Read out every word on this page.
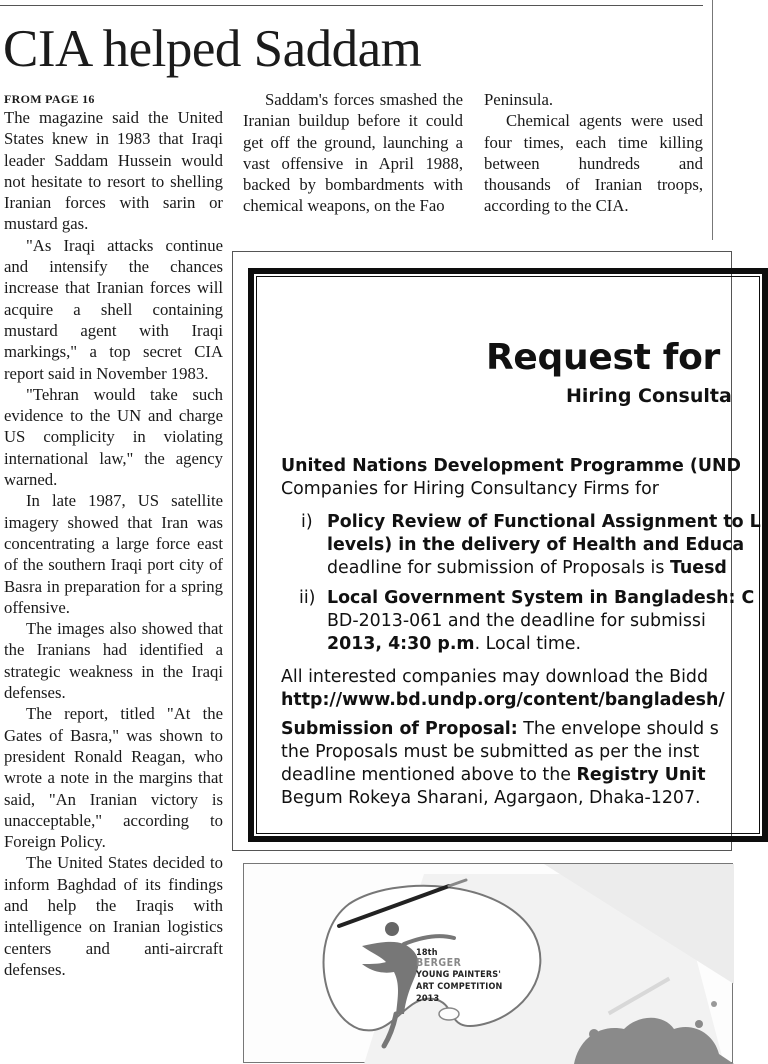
CIA helped Saddam
FROM PAGE 16

The magazine said the United States knew in 1983 that Iraqi leader Saddam Hussein would not hesitate to resort to shelling Iranian forces with sarin or mustard gas.

"As Iraqi attacks continue and intensify the chances increase that Iranian forces will acquire a shell containing mustard agent with Iraqi markings," a top secret CIA report said in November 1983.

"Tehran would take such evidence to the UN and charge US complicity in violating international law," the agency warned.

In late 1987, US satellite imagery showed that Iran was concentrating a large force east of the southern Iraqi port city of Basra in preparation for a spring offensive.

The images also showed that the Iranians had identified a strategic weakness in the Iraqi defenses.

The report, titled "At the Gates of Basra," was shown to president Ronald Reagan, who wrote a note in the margins that said, "An Iranian victory is unacceptable," according to Foreign Policy.

The United States decided to inform Baghdad of its findings and help the Iraqis with intelligence on Iranian logistics centers and anti-aircraft defenses.

Saddam's forces smashed the Iranian buildup before it could get off the ground, launching a vast offensive in April 1988, backed by bombardments with chemical weapons, on the Fao

Peninsula.

Chemical agents were used four times, each time killing between hundreds and thousands of Iranian troops, according to the CIA.

Request for
Hiring Consulta
United Nations Development Programme (UND
Companies for Hiring Consultancy Firms for
i) Policy Review of Functional Assignment to L
levels) in the delivery of Health and Educa
deadline for submission of Proposals is Tuesd
ii) Local Government System in Bangladesh: C
BD-2013-061 and the deadline for submissi
2013, 4:30 p.m. Local time.
All interested companies may download the Bidd
http://www.bd.undp.org/content/bangladesh/
Submission of Proposal: The envelope should s
the Proposals must be submitted as per the inst
deadline mentioned above to the Registry Unit
Begum Rokeya Sharani, Agargaon, Dhaka-1207.
18th
BERGER
YOUNG PAINTERS'
ART COMPETITION
2013
